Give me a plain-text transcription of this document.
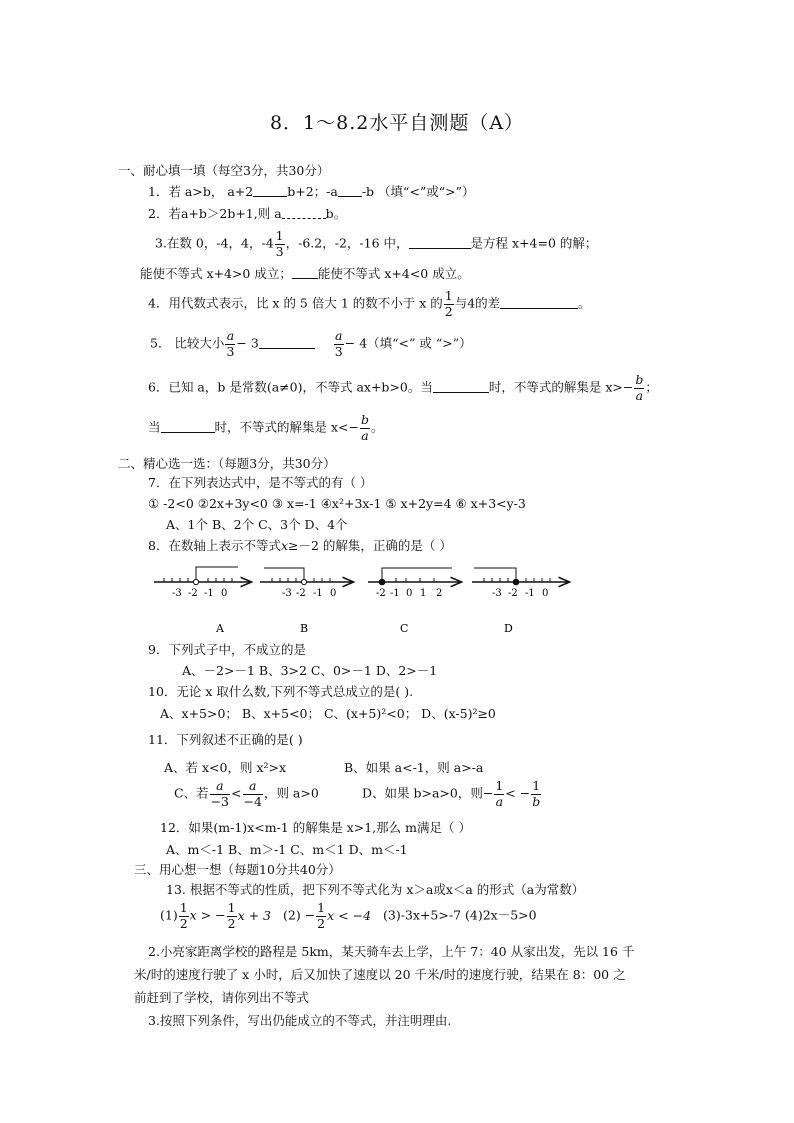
8．1～8.2水平自测题（A）
一、耐心填一填（每空3分，共30分）
1．若 a>b， a+2	b+2；-a -b （填“<”或“>”）
2．若a+b＞2b+1,则 a	b。
3.在数 0，-4，4，$-4 \frac{1}{3}$ ，-6.2，-2，-16 中，	是方程 x+4=0 的解；
能使不等式 x+4>0 成立； 能使不等式 x+4<0 成立。
4．用代数式表示，比 x 的 5 倍大 1 的数不小于 x 的 $\frac{1}{2}$ 与4的差	。
5． 比较大小 $\frac{a}{3} - 3$	$\frac{a}{3} - 4$（填“<” 或 “>”）
6．已知 a，b 是常数(a≠0)，不等式 ax+b>0。当	时，不等式的解集是 $x>- \frac{b}{a}$ ；
当	时，不等式的解集是 $x<- \frac{b}{a}$ 。
二、精心选一选：（每题3分，共30分）
7．在下列表达式中，是不等式的有（ ）
① -2<0 ②2x+3y<0 ③ x=-1 ④x²+3x-1 ⑤ x+2y=4 ⑥ x+3<y-3
A、1个 B、2个 C、3个 D、4个
8．在数轴上表示不等式x≥－2 的解集，正确的是（ ）
-3 -2 -1 0
A
-3 -2 -1 0
B
-2 -1 0 1 2
C
-3 -2 -1 0
D
9．下列式子中，不成立的是
A、－2>－1 B、3>2 C、0>－1 D、2>－1
10．无论 x 取什么数,下列不等式总成立的是( ).
A、x+5>0； B、x+5<0； C、(x+5)²<0； D、(x-5)²≥0
11．下列叙述不正确的是( )
A、若 x<0，则 x²>x	B、如果 a<-1，则 a>-a
C、若 $\frac{a}{-3} < \frac{a}{-4}$ ，则 a>0	D、如果 b>a>0，则− $\frac{1}{a}$ < − $\frac{1}{b}$
12．如果(m-1)x<m-1 的解集是 x>1,那么 m满足（ ）
A、m＜-1 B、m＞-1 C、m＜1 D、m＜-1
三、用心想一想（每题10分共40分）
13. 根据不等式的性质，把下列不等式化为 x＞a或x＜a 的形式（a为常数）
$(1) \frac{1}{2}$ x > − $\frac{1}{2}$ x + 3 $(2) - \frac{1}{2}$ x < −4 (3)-3x+5>-7 (4)2x－5>0
2.小亮家距离学校的路程是 5km，某天骑车去上学，上午 7：40 从家出发，先以 16 千
米/时的速度行驶了 x 小时，后又加快了速度以 20 千米/时的速度行驶，结果在 8：00 之
前赶到了学校，请你列出不等式
3.按照下列条件，写出仍能成立的不等式，并注明理由.
